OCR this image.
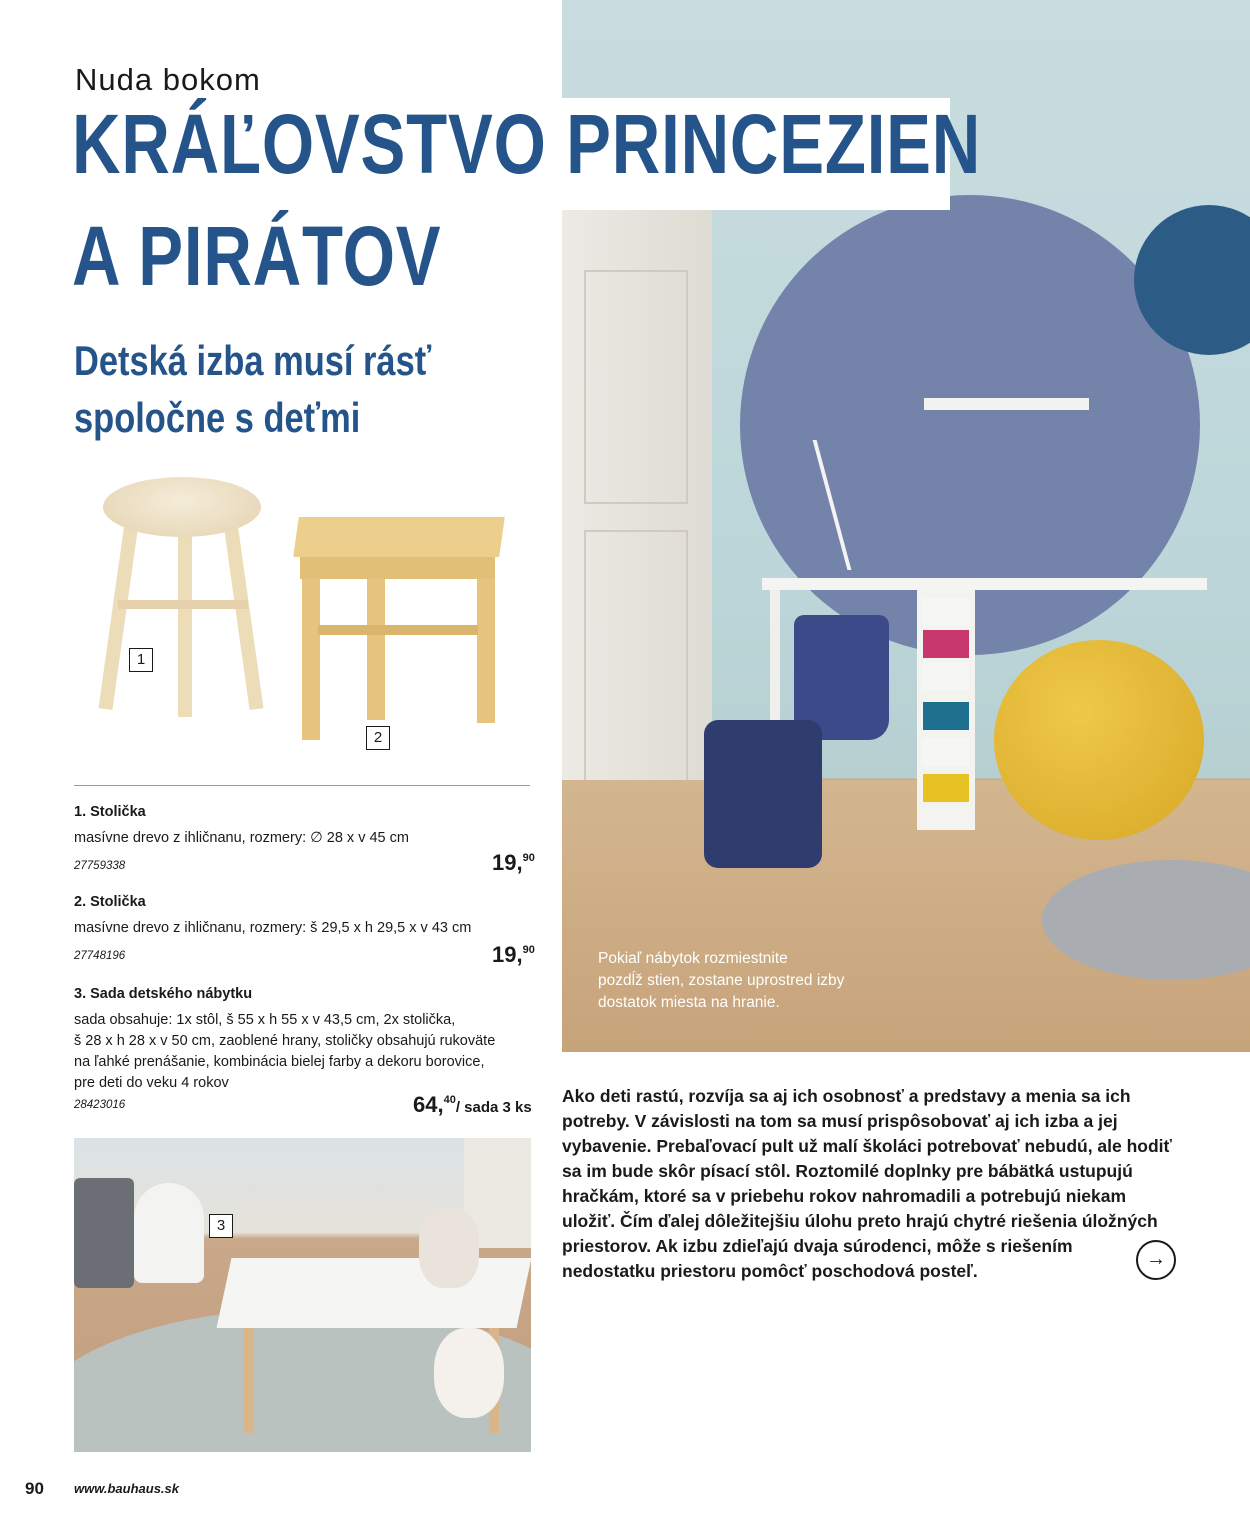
Pokiaľ nábytok rozmiestnite
pozdĺž stien, zostane uprostred izby
dostatok miesta na hranie.
Nuda bokom
KRÁĽOVSTVO PRINCEZIEN
A PIRÁTOV
Detská izba musí rásť
spoločne s deťmi
1
2
1. Stolička
masívne drevo z ihličnanu, rozmery: ∅ 28 x v 45 cm
27759338	19,90
2. Stolička
masívne drevo z ihličnanu, rozmery: š 29,5 x h 29,5 x v 43 cm
27748196	19,90
3. Sada detského nábytku
sada obsahuje: 1x stôl, š 55 x h 55 x v 43,5 cm, 2x stolička,
š 28 x h 28 x v 50 cm, zaoblené hrany, stoličky obsahujú rukoväte
na ľahké prenášanie, kombinácia bielej farby a dekoru borovice,
pre deti do veku 4 rokov
28423016	64,40/ sada 3 ks
3
Ako deti rastú, rozvíja sa aj ich osobnosť a predstavy a menia sa ich
potreby. V závislosti na tom sa musí prispôsobovať aj ich izba a jej
vybavenie. Prebaľovací pult už malí školáci potrebovať nebudú, ale hodiť
sa im bude skôr písací stôl. Roztomilé doplnky pre bábätká ustupujú
hračkám, ktoré sa v priebehu rokov nahromadili a potrebujú niekam
uložiť. Čím ďalej dôležitejšiu úlohu preto hrajú chytré riešenia úložných
priestorov. Ak izbu zdieľajú dvaja súrodenci, môže s riešením
nedostatku priestoru pomôcť poschodová posteľ.
→
90 www.bauhaus.sk
